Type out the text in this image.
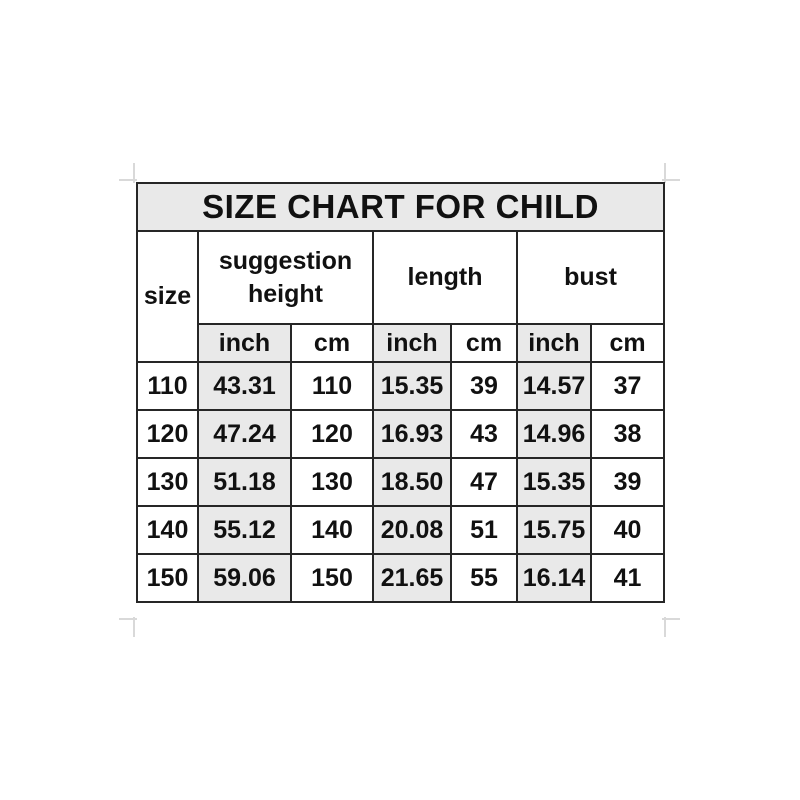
SIZE CHART FOR CHILD						
size	suggestion height		length		bust	
	inch	cm	inch	cm	inch	cm
110	43.31	110	15.35	39	14.57	37
120	47.24	120	16.93	43	14.96	38
130	51.18	130	18.50	47	15.35	39
140	55.12	140	20.08	51	15.75	40
150	59.06	150	21.65	55	16.14	41
